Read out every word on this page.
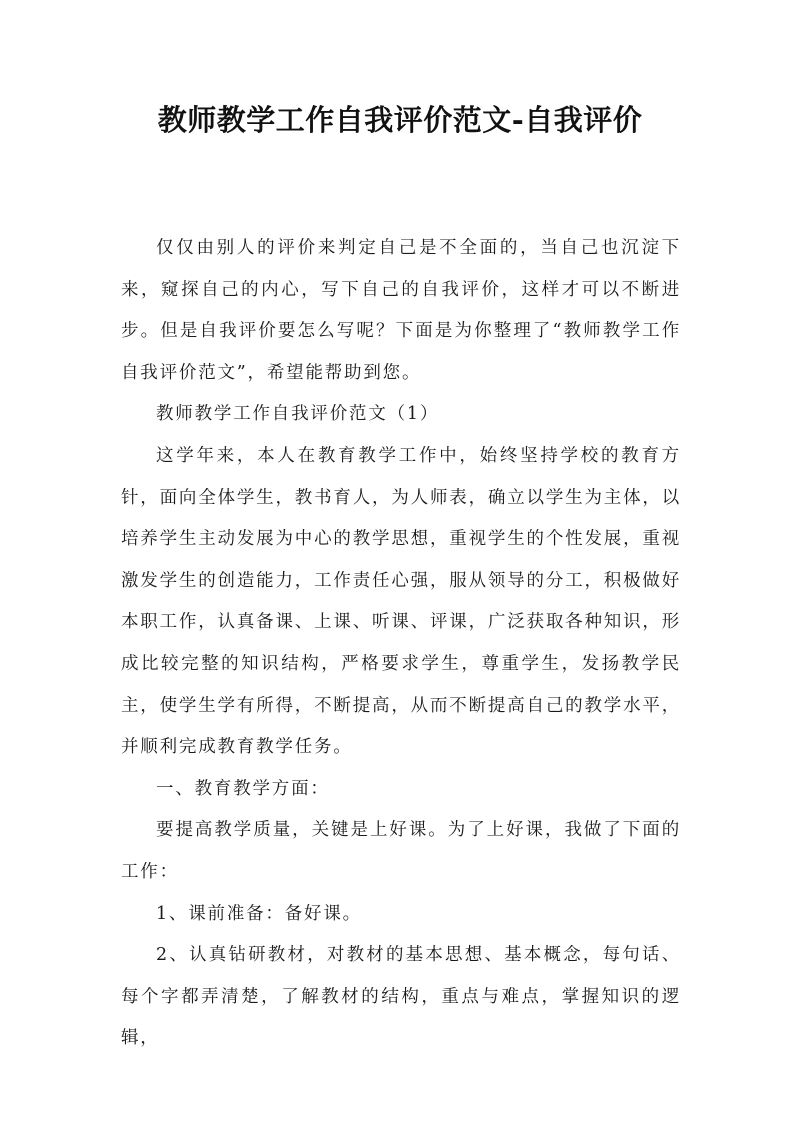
教师教学工作自我评价范文-自我评价

仅仅由别人的评价来判定自己是不全面的，当自己也沉淀下来，窥探自己的内心，写下自己的自我评价，这样才可以不断进步。但是自我评价要怎么写呢？下面是为你整理了“教师教学工作自我评价范文”，希望能帮助到您。

教师教学工作自我评价范文（1）

这学年来，本人在教育教学工作中，始终坚持学校的教育方针，面向全体学生，教书育人，为人师表，确立以学生为主体，以培养学生主动发展为中心的教学思想，重视学生的个性发展，重视激发学生的创造能力，工作责任心强，服从领导的分工，积极做好本职工作，认真备课、上课、听课、评课，广泛获取各种知识，形成比较完整的知识结构，严格要求学生，尊重学生，发扬教学民主，使学生学有所得，不断提高，从而不断提高自己的教学水平，并顺利完成教育教学任务。

一、教育教学方面：

要提高教学质量，关键是上好课。为了上好课，我做了下面的工作：

1、课前准备：备好课。

2、认真钻研教材，对教材的基本思想、基本概念，每句话、每个字都弄清楚，了解教材的结构，重点与难点，掌握知识的逻辑，
